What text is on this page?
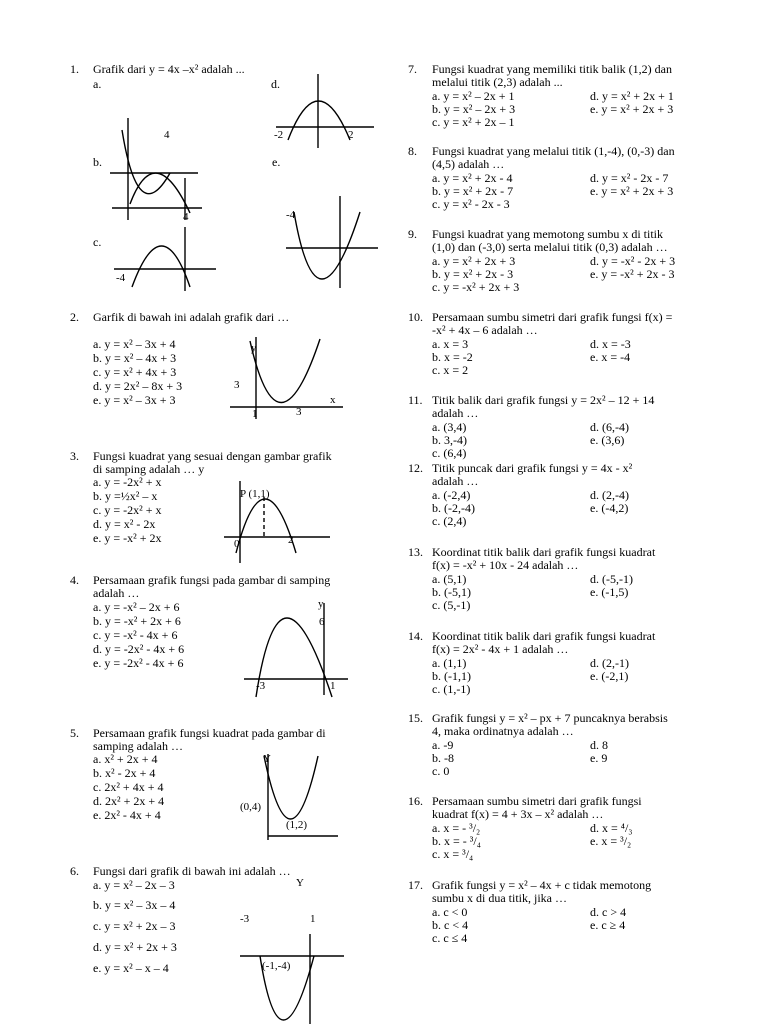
1. Grafik dari y = 4x –x² adalah ...
a.	d.
b.	e.
c.
4
4
-2	2
-4
-4
2. Garfik di bawah ini adalah grafik dari …
a. y = x² – 3x + 4
b. y = x² – 4x + 3
c. y = x² + 4x + 3
d. y = 2x² – 8x + 3
e. y = x² – 3x + 3
y
x
3
1	3
3. Fungsi kuadrat yang sesuai dengan gambar grafik
di samping adalah … y
a. y = -2x² + x
b. y =½x² – x
c. y = -2x² + x
d. y = x² - 2x
e. y = -x² + 2x
P (1,1)
0	2
4. Persamaan grafik fungsi pada gambar di samping
adalah …
a. y = -x² – 2x + 6
b. y = -x² + 2x + 6
c. y = -x² - 4x + 6
d. y = -2x² - 4x + 6
e. y = -2x² - 4x + 6
y
6
-3	1
5. Persamaan grafik fungsi kuadrat pada gambar di
samping adalah …
a. x² + 2x + 4
b. x² - 2x + 4
c. 2x² + 4x + 4
d. 2x² + 2x + 4
e. 2x² - 4x + 4
Y
(0,4)
(1,2)
6. Fungsi dari grafik di bawah ini adalah …
a. y = x² – 2x – 3
b. y = x² – 3x – 4
c. y = x² + 2x – 3
d. y = x² + 2x + 3
e. y = x² – x – 4
Y
-3	1
(-1,-4)
7. Fungsi kuadrat yang memiliki titik balik (1,2) dan
melalui titik (2,3) adalah ...
a. y = x² – 2x + 1
b. y = x² – 2x + 3
c. y = x² + 2x – 1
d. y = x² + 2x + 1
e. y = x² + 2x + 3
8. Fungsi kuadrat yang melalui titik (1,-4), (0,-3) dan
(4,5) adalah …
a. y = x² + 2x - 4
b. y = x² + 2x - 7
c. y = x² - 2x - 3
d. y = x² - 2x - 7
e. y = x² + 2x + 3
9. Fungsi kuadrat yang memotong sumbu x di titik
(1,0) dan (-3,0) serta melalui titik (0,3) adalah …
a. y = x² + 2x + 3
b. y = x² + 2x - 3
c. y = -x² + 2x + 3
d. y = -x² - 2x + 3
e. y = -x² + 2x - 3
10. Persamaan sumbu simetri dari grafik fungsi f(x) =
-x² + 4x – 6 adalah …
a. x = 3
b. x = -2
c. x = 2
d. x = -3
e. x = -4
11. Titik balik dari grafik fungsi y = 2x² – 12 + 14
adalah …
a. (3,4)
b. 3,-4)
c. (6,4)
d. (6,-4)
e. (3,6)
12. Titik puncak dari grafik fungsi y = 4x - x²
adalah …
a. (-2,4)
b. (-2,-4)
c. (2,4)
d. (2,-4)
e. (-4,2)
13. Koordinat titik balik dari grafik fungsi kuadrat
f(x) = -x² + 10x - 24 adalah …
a. (5,1)
b. (-5,1)
c. (5,-1)
d. (-5,-1)
e. (-1,5)
14. Koordinat titik balik dari grafik fungsi kuadrat
f(x) = 2x² - 4x + 1 adalah …
a. (1,1)
b. (-1,1)
c. (1,-1)
d. (2,-1)
e. (-2,1)
15. Grafik fungsi y = x² – px + 7 puncaknya berabsis
4, maka ordinatnya adalah …
a. -9
b. -8
c. 0
d. 8
e. 9
16. Persamaan sumbu simetri dari grafik fungsi
kuadrat f(x) = 4 + 3x – x² adalah …
a. x = - ³/₂
b. x = - ³/₄
c. x = ³/₄
d. x = ⁴/₃
e. x = ³/₂
17. Grafik fungsi y = x² – 4x + c tidak memotong
sumbu x di dua titik, jika …
a. c < 0
b. c < 4
c. c ≤ 4
d. c > 4
e. c ≥ 4
